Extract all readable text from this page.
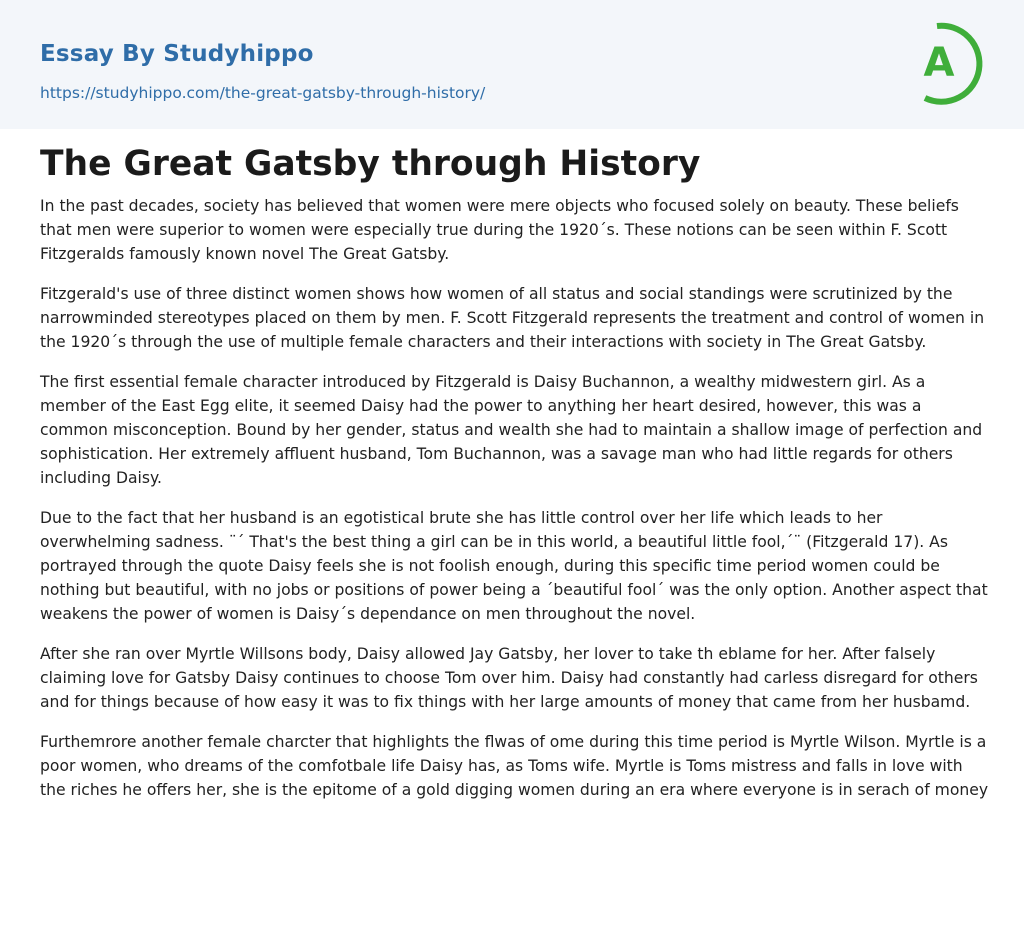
Essay By Studyhippo
https://studyhippo.com/the-great-gatsby-through-history/
A
The Great Gatsby through History

In the past decades, society has believed that women were mere objects who focused solely on beauty. These beliefs that men were superior to women were especially true during the 1920´s. These notions can be seen within F. Scott Fitzgeralds famously known novel The Great Gatsby.

Fitzgerald's use of three distinct women shows how women of all status and social standings were scrutinized by the narrowminded stereotypes placed on them by men. F. Scott Fitzgerald represents the treatment and control of women in the 1920´s through the use of multiple female characters and their interactions with society in The Great Gatsby.

The first essential female character introduced by Fitzgerald is Daisy Buchannon, a wealthy midwestern girl. As a member of the East Egg elite, it seemed Daisy had the power to anything her heart desired, however, this was a common misconception. Bound by her gender, status and wealth she had to maintain a shallow image of perfection and sophistication. Her extremely affluent husband, Tom Buchannon, was a savage man who had little regards for others including Daisy.

Due to the fact that her husband is an egotistical brute she has little control over her life which leads to her overwhelming sadness. ¨´ That's the best thing a girl can be in this world, a beautiful little fool,´¨ (Fitzgerald 17). As portrayed through the quote Daisy feels she is not foolish enough, during this specific time period women could be nothing but beautiful, with no jobs or positions of power being a ´beautiful fool´ was the only option. Another aspect that weakens the power of women is Daisy´s dependance on men throughout the novel.

After she ran over Myrtle Willsons body, Daisy allowed Jay Gatsby, her lover to take th eblame for her. After falsely claiming love for Gatsby Daisy continues to choose Tom over him. Daisy had constantly had carless disregard for others and for things because of how easy it was to fix things with her large amounts of money that came from her husbamd.

Furthemrore another female charcter that highlights the flwas of ome during this time period is Myrtle Wilson. Myrtle is a poor women, who dreams of the comfotbale life Daisy has, as Toms wife. Myrtle is Toms mistress and falls in love with the riches he offers her, she is the epitome of a gold digging women during an era where everyone is in serach of money
